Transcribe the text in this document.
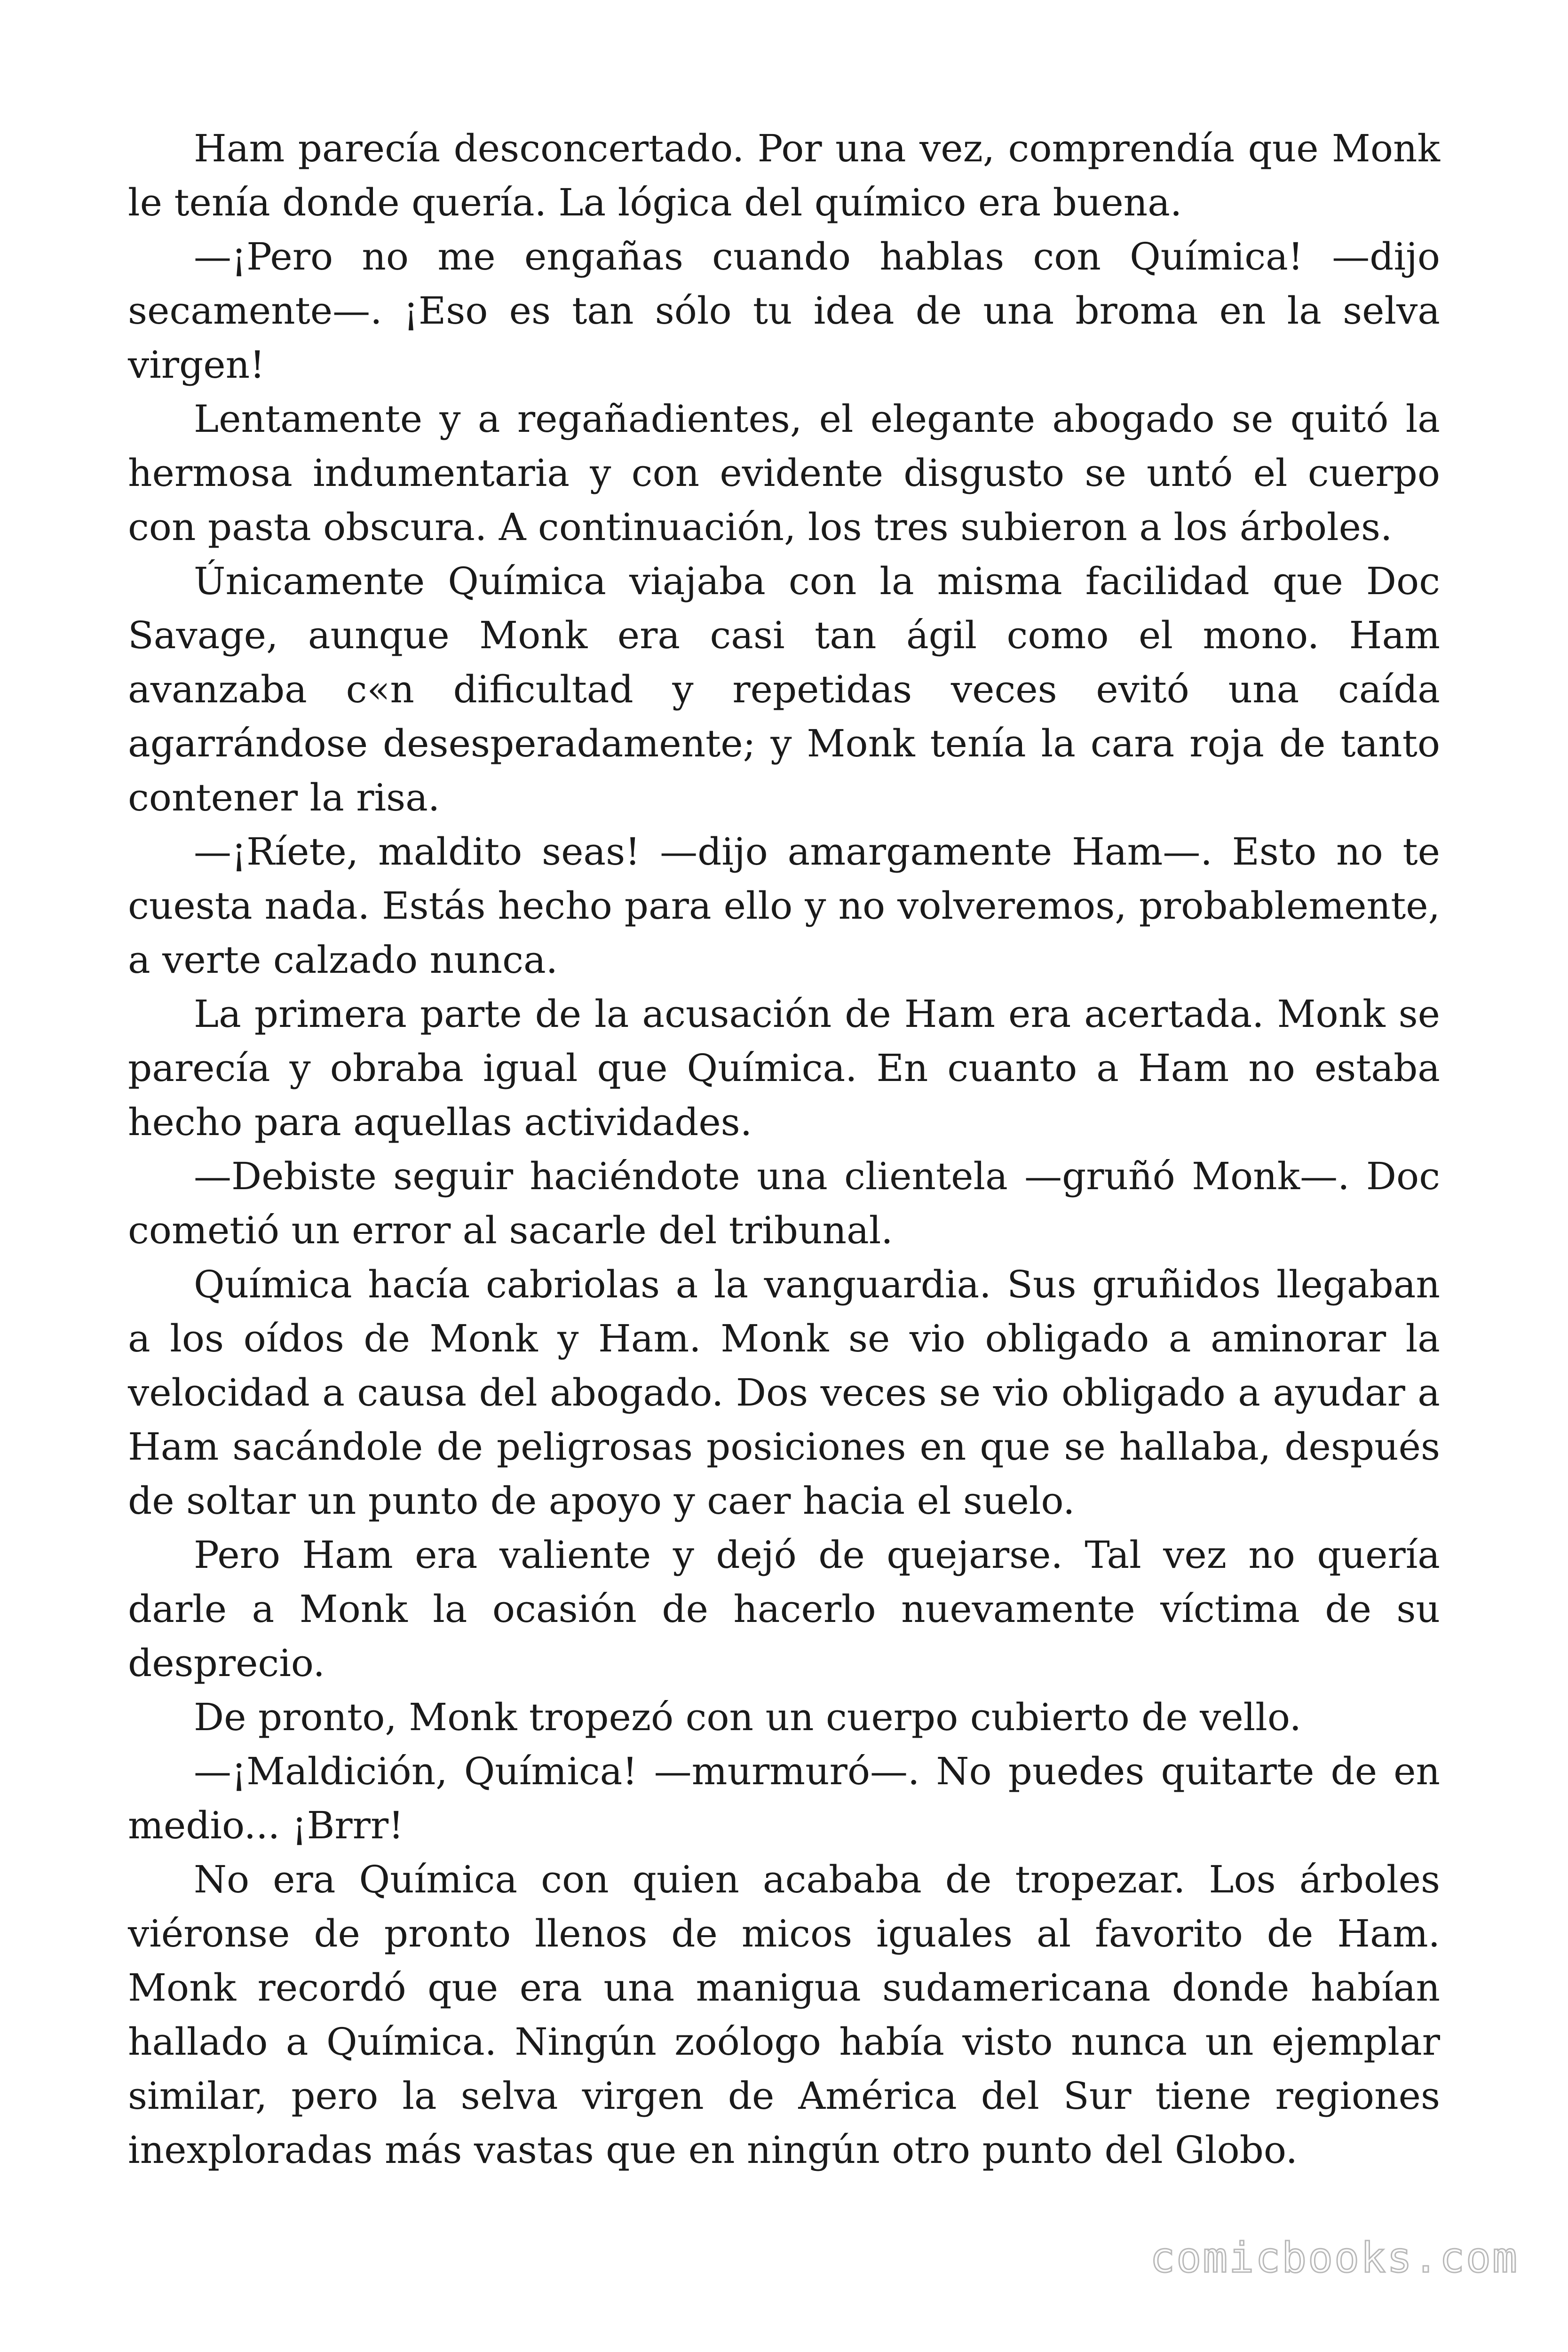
Ham parecía desconcertado. Por una vez, comprendía que Monk le tenía donde quería. La lógica del químico era buena.

—¡Pero no me engañas cuando hablas con Química! —dijo secamente—. ¡Eso es tan sólo tu idea de una broma en la selva virgen!

Lentamente y a regañadientes, el elegante abogado se quitó la hermosa indumentaria y con evidente disgusto se untó el cuerpo con pasta obscura. A continuación, los tres subieron a los árboles.

Únicamente Química viajaba con la misma facilidad que Doc Savage, aunque Monk era casi tan ágil como el mono. Ham avanzaba c«n dificultad y repetidas veces evitó una caída agarrándose desesperadamente; y Monk tenía la cara roja de tanto contener la risa.

—¡Ríete, maldito seas! —dijo amargamente Ham—. Esto no te cuesta nada. Estás hecho para ello y no volveremos, probablemente, a verte calzado nunca.

La primera parte de la acusación de Ham era acertada. Monk se parecía y obraba igual que Química. En cuanto a Ham no estaba hecho para aquellas actividades.

—Debiste seguir haciéndote una clientela —gruñó Monk—. Doc cometió un error al sacarle del tribunal.

Química hacía cabriolas a la vanguardia. Sus gruñidos llegaban a los oídos de Monk y Ham. Monk se vio obligado a aminorar la velocidad a causa del abogado. Dos veces se vio obligado a ayudar a Ham sacándole de peligrosas posiciones en que se hallaba, después de soltar un punto de apoyo y caer hacia el suelo.

Pero Ham era valiente y dejó de quejarse. Tal vez no quería darle a Monk la ocasión de hacerlo nuevamente víctima de su desprecio.

De pronto, Monk tropezó con un cuerpo cubierto de vello.

—¡Maldición, Química! —murmuró—. No puedes quitarte de en medio... ¡Brrr!

No era Química con quien acababa de tropezar. Los árboles viéronse de pronto llenos de micos iguales al favorito de Ham. Monk recordó que era una manigua sudamericana donde habían hallado a Química. Ningún zoólogo había visto nunca un ejemplar similar, pero la selva virgen de América del Sur tiene regiones inexploradas más vastas que en ningún otro punto del Globo.

comicbooks.com
